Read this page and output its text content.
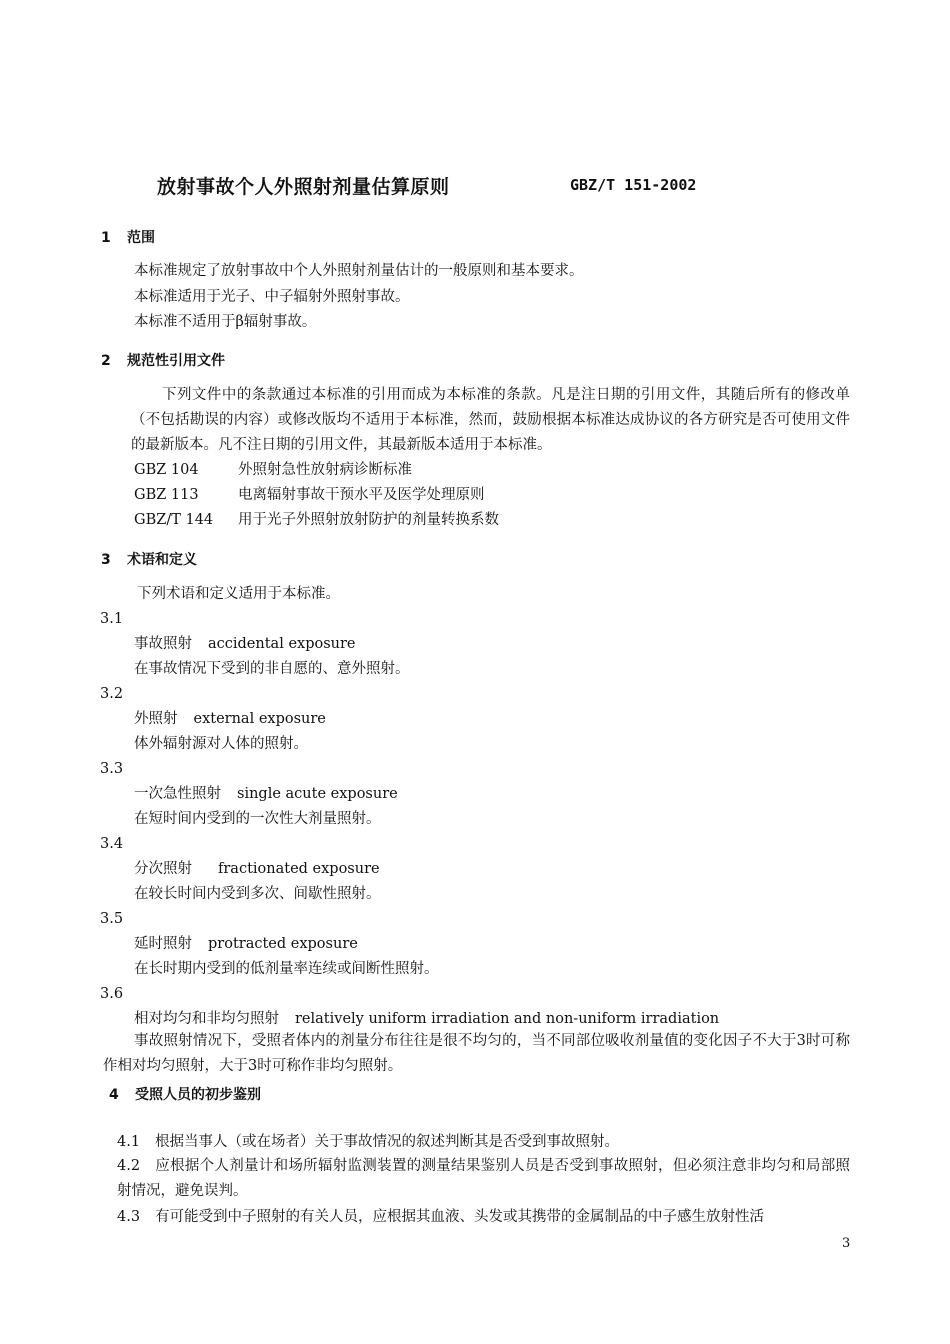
放射事故个人外照射剂量估算原则	GBZ/T 151-2002
1 范围
本标准规定了放射事故中个人外照射剂量估计的一般原则和基本要求。
本标准适用于光子、中子辐射外照射事故。
本标准不适用于β辐射事故。
2 规范性引用文件
下列文件中的条款通过本标准的引用而成为本标准的条款。凡是注日期的引用文件，其随后所有的修改单（不包括勘误的内容）或修改版均不适用于本标准，然而，鼓励根据本标准达成协议的各方研究是否可使用文件的最新版本。凡不注日期的引用文件，其最新版本适用于本标准。
GBZ 104	外照射急性放射病诊断标准
GBZ 113	电离辐射事故干预水平及医学处理原则
GBZ/T 144 用于光子外照射放射防护的剂量转换系数
3 术语和定义
下列术语和定义适用于本标准。
3.1
事故照射 accidental exposure
在事故情况下受到的非自愿的、意外照射。
3.2
外照射 external exposure
体外辐射源对人体的照射。
3.3
一次急性照射 single acute exposure
在短时间内受到的一次性大剂量照射。
3.4
分次照射 fractionated exposure
在较长时间内受到多次、间歇性照射。
3.5
延时照射 protracted exposure
在长时期内受到的低剂量率连续或间断性照射。
3.6
相对均匀和非均匀照射 relatively uniform irradiation and non-uniform irradiation
事故照射情况下，受照者体内的剂量分布往往是很不均匀的，当不同部位吸收剂量值的变化因子不大于3时可称作相对均匀照射，大于3时可称作非均匀照射。
4 受照人员的初步鉴别
4.1 根据当事人（或在场者）关于事故情况的叙述判断其是否受到事故照射。
4.2 应根据个人剂量计和场所辐射监测装置的测量结果鉴别人员是否受到事故照射，但必须注意非均匀和局部照射情况，避免误判。
4.3 有可能受到中子照射的有关人员，应根据其血液、头发或其携带的金属制品的中子感生放射性活
3
